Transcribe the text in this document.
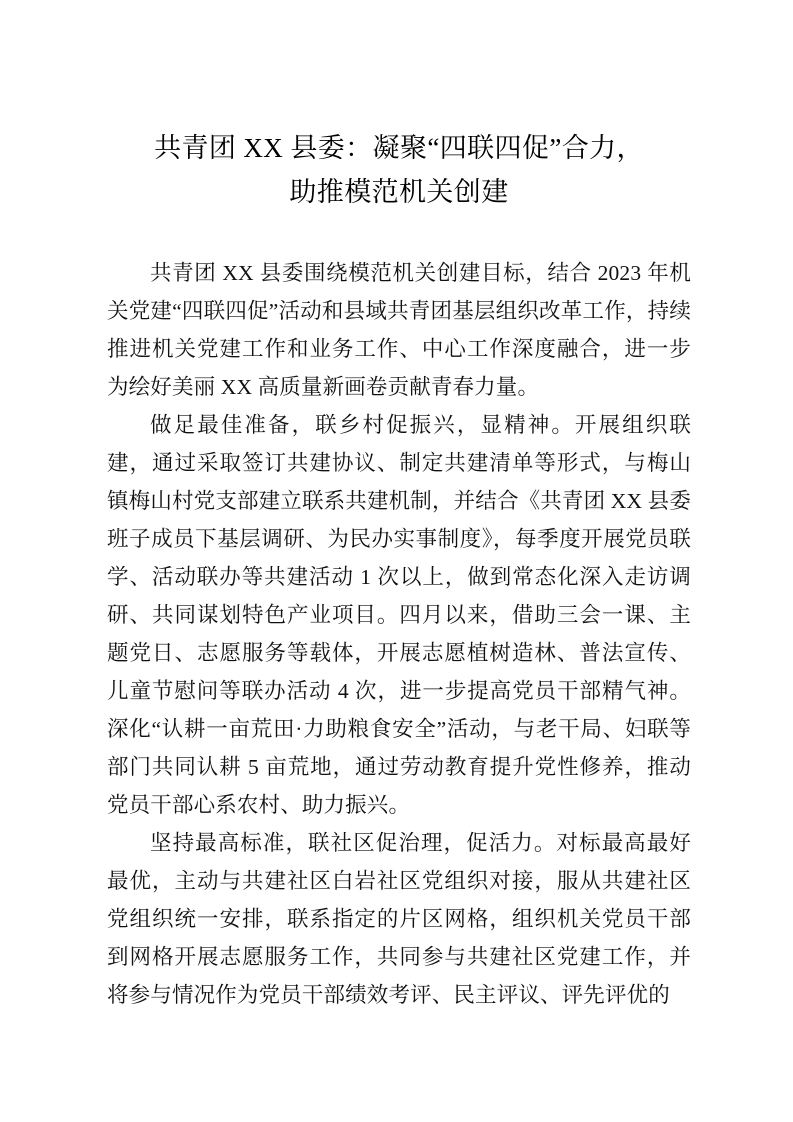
共青团 XX 县委：凝聚“四联四促”合力，
助推模范机关创建

共青团 XX 县委围绕模范机关创建目标，结合 2023 年机关党建“四联四促”活动和县域共青团基层组织改革工作，持续推进机关党建工作和业务工作、中心工作深度融合，进一步为绘好美丽 XX 高质量新画卷贡献青春力量。

做足最佳准备，联乡村促振兴，显精神。开展组织联建，通过采取签订共建协议、制定共建清单等形式，与梅山镇梅山村党支部建立联系共建机制，并结合《共青团 XX 县委班子成员下基层调研、为民办实事制度》，每季度开展党员联学、活动联办等共建活动 1 次以上，做到常态化深入走访调研、共同谋划特色产业项目。四月以来，借助三会一课、主题党日、志愿服务等载体，开展志愿植树造林、普法宣传、儿童节慰问等联办活动 4 次，进一步提高党员干部精气神。深化“认耕一亩荒田·力助粮食安全”活动，与老干局、妇联等部门共同认耕 5 亩荒地，通过劳动教育提升党性修养，推动党员干部心系农村、助力振兴。

坚持最高标准，联社区促治理，促活力。对标最高最好最优，主动与共建社区白岩社区党组织对接，服从共建社区党组织统一安排，联系指定的片区网格，组织机关党员干部到网格开展志愿服务工作，共同参与共建社区党建工作，并将参与情况作为党员干部绩效考评、民主评议、评先评优的
